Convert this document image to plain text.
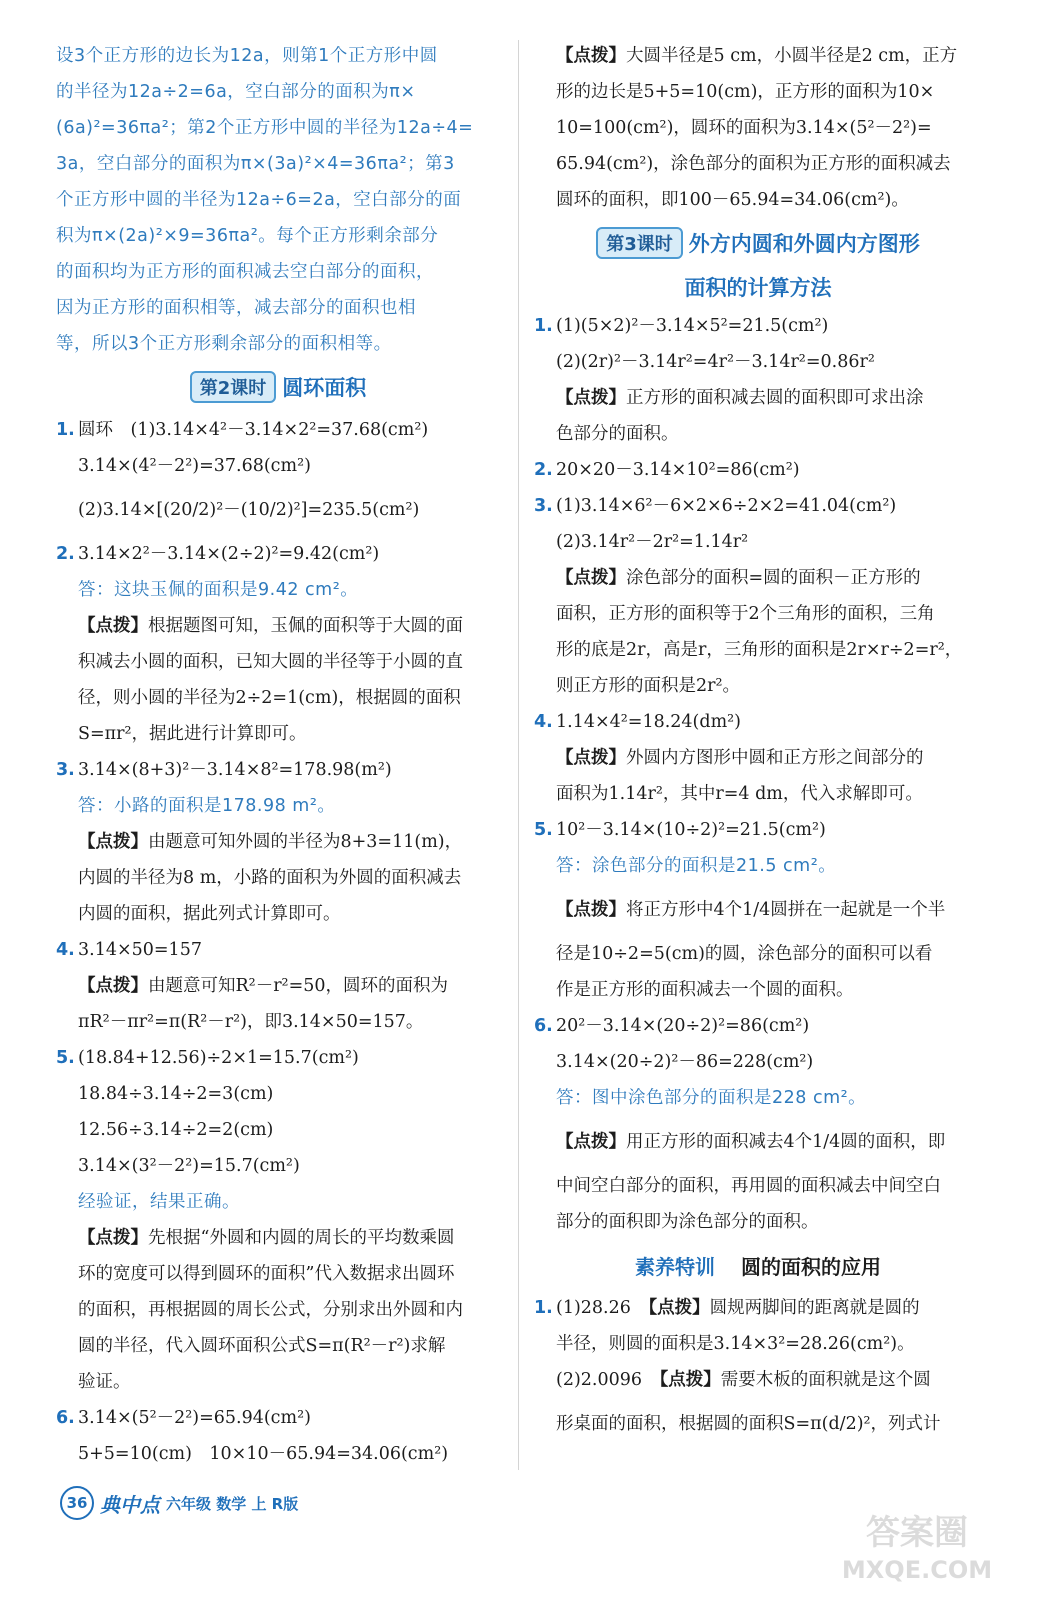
设3个正方形的边长为12a，则第1个正方形中圆
的半径为12a÷2=6a，空白部分的面积为π×
(6a)²=36πa²；第2个正方形中圆的半径为12a÷4=
3a，空白部分的面积为π×(3a)²×4=36πa²；第3
个正方形中圆的半径为12a÷6=2a，空白部分的面
积为π×(2a)²×9=36πa²。每个正方形剩余部分
的面积均为正方形的面积减去空白部分的面积，
因为正方形的面积相等，减去部分的面积也相
等，所以3个正方形剩余部分的面积相等。
第2课时 圆环面积
1. 圆环　(1)3.14×4²－3.14×2²=37.68(cm²)
3.14×(4²－2²)=37.68(cm²)
(2)3.14×[(20/2)²－(10/2)²]=235.5(cm²)
2. 3.14×2²－3.14×(2÷2)²=9.42(cm²)
答：这块玉佩的面积是9.42 cm²。
【点拨】根据题图可知，玉佩的面积等于大圆的面
积减去小圆的面积，已知大圆的半径等于小圆的直
径，则小圆的半径为2÷2=1(cm)，根据圆的面积
S=πr²，据此进行计算即可。
3. 3.14×(8+3)²－3.14×8²=178.98(m²)
答：小路的面积是178.98 m²。
【点拨】由题意可知外圆的半径为8+3=11(m)，
内圆的半径为8 m，小路的面积为外圆的面积减去
内圆的面积，据此列式计算即可。
4. 3.14×50=157
【点拨】由题意可知R²－r²=50，圆环的面积为
πR²－πr²=π(R²－r²)，即3.14×50=157。
5. (18.84+12.56)÷2×1=15.7(cm²)
18.84÷3.14÷2=3(cm)
12.56÷3.14÷2=2(cm)
3.14×(3²－2²)=15.7(cm²)
经验证，结果正确。
【点拨】先根据“外圆和内圆的周长的平均数乘圆
环的宽度可以得到圆环的面积”代入数据求出圆环
的面积，再根据圆的周长公式，分别求出外圆和内
圆的半径，代入圆环面积公式S=π(R²－r²)求解
验证。
6. 3.14×(5²－2²)=65.94(cm²)
5+5=10(cm)　10×10－65.94=34.06(cm²)
【点拨】大圆半径是5 cm，小圆半径是2 cm，正方
形的边长是5+5=10(cm)，正方形的面积为10×
10=100(cm²)，圆环的面积为3.14×(5²－2²)=
65.94(cm²)，涂色部分的面积为正方形的面积减去
圆环的面积，即100－65.94=34.06(cm²)。
第3课时 外方内圆和外圆内方图形
面积的计算方法
1. (1)(5×2)²－3.14×5²=21.5(cm²)
(2)(2r)²－3.14r²=4r²－3.14r²=0.86r²
【点拨】正方形的面积减去圆的面积即可求出涂
色部分的面积。
2. 20×20－3.14×10²=86(cm²)
3. (1)3.14×6²－6×2×6÷2×2=41.04(cm²)
(2)3.14r²－2r²=1.14r²
【点拨】涂色部分的面积=圆的面积－正方形的
面积，正方形的面积等于2个三角形的面积，三角
形的底是2r，高是r，三角形的面积是2r×r÷2=r²，
则正方形的面积是2r²。
4. 1.14×4²=18.24(dm²)
【点拨】外圆内方图形中圆和正方形之间部分的
面积为1.14r²，其中r=4 dm，代入求解即可。
5. 10²－3.14×(10÷2)²=21.5(cm²)
答：涂色部分的面积是21.5 cm²。
【点拨】将正方形中4个1/4圆拼在一起就是一个半
径是10÷2=5(cm)的圆，涂色部分的面积可以看
作是正方形的面积减去一个圆的面积。
6. 20²－3.14×(20÷2)²=86(cm²)
3.14×(20÷2)²－86=228(cm²)
答：图中涂色部分的面积是228 cm²。
【点拨】用正方形的面积减去4个1/4圆的面积，即
中间空白部分的面积，再用圆的面积减去中间空白
部分的面积即为涂色部分的面积。
素养特训 圆的面积的应用
1. (1)28.26　 【点拨】圆规两脚间的距离就是圆的
半径，则圆的面积是3.14×3²=28.26(cm²)。
(2)2.0096　 【点拨】需要木板的面积就是这个圆
形桌面的面积，根据圆的面积S=π(d/2)²，列式计
36 典中点 六年级 数学 上 R版
答案圈
MXQE.COM
